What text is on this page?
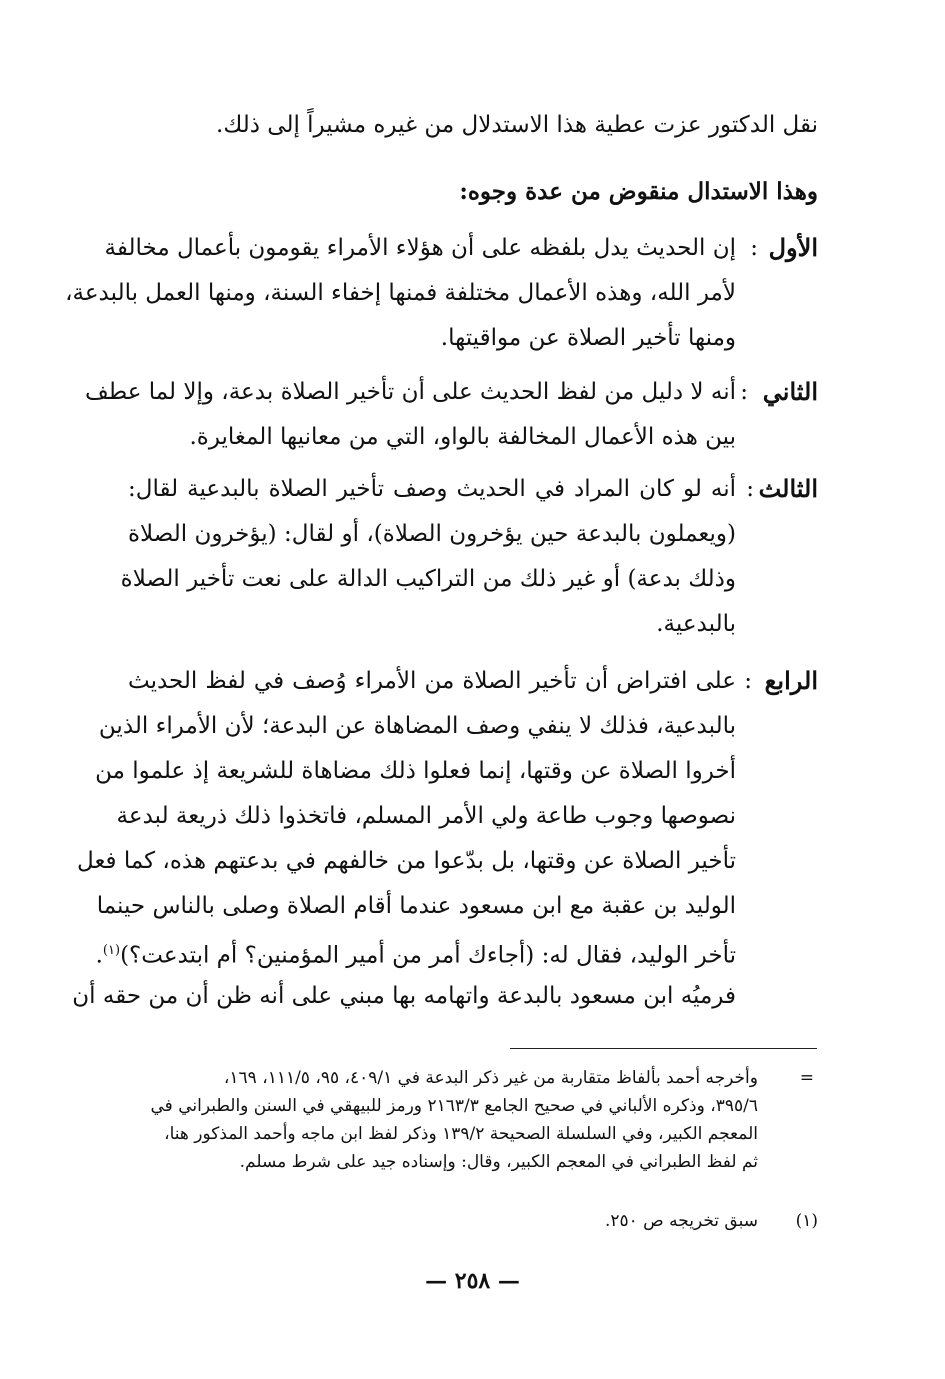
نقل الدكتور عزت عطية هذا الاستدلال من غيره مشيراً إلى ذلك.
وهذا الاستدال منقوض من عدة وجوه:
الأول
:
إن الحديث يدل بلفظه على أن هؤلاء الأمراء يقومون بأعمال مخالفة
لأمر الله، وهذه الأعمال مختلفة فمنها إخفاء السنة، ومنها العمل بالبدعة،
ومنها تأخير الصلاة عن مواقيتها.
الثاني
:
أنه لا دليل من لفظ الحديث على أن تأخير الصلاة بدعة، وإلا لما عطف
بين هذه الأعمال المخالفة بالواو، التي من معانيها المغايرة.
الثالث
:
أنه لو كان المراد في الحديث وصف تأخير الصلاة بالبدعية لقال:
(ويعملون بالبدعة حين يؤخرون الصلاة)، أو لقال: (يؤخرون الصلاة
وذلك بدعة) أو غير ذلك من التراكيب الدالة على نعت تأخير الصلاة
بالبدعية.
الرابع
:
على افتراض أن تأخير الصلاة من الأمراء وُصف في لفظ الحديث
بالبدعية، فذلك لا ينفي وصف المضاهاة عن البدعة؛ لأن الأمراء الذين
أخروا الصلاة عن وقتها، إنما فعلوا ذلك مضاهاة للشريعة إذ علموا من
نصوصها وجوب طاعة ولي الأمر المسلم، فاتخذوا ذلك ذريعة لبدعة
تأخير الصلاة عن وقتها، بل بدّعوا من خالفهم في بدعتهم هذه، كما فعل
الوليد بن عقبة مع ابن مسعود عندما أقام الصلاة وصلى بالناس حينما
تأخر الوليد، فقال له: (أجاءك أمر من أمير المؤمنين؟ أم ابتدعت؟)$^{(١)}$.
فرميُه ابن مسعود بالبدعة واتهامه بها مبني على أنه ظن أن من حقه أن
=
وأخرجه أحمد بألفاظ متقاربة من غير ذكر البدعة في ٤٠٩/١، ٩٥، ١١١/٥، ١٦٩،
٣٩٥/٦، وذكره الألباني في صحيح الجامع ٢١٦٣/٣ ورمز للبيهقي في السنن والطبراني في
المعجم الكبير، وفي السلسلة الصحيحة ١٣٩/٢ وذكر لفظ ابن ماجه وأحمد المذكور هنا،
ثم لفظ الطبراني في المعجم الكبير، وقال: وإسناده جيد على شرط مسلم.
(١)
سبق تخريجه ص ٢٥٠.
— ٢٥٨ —
